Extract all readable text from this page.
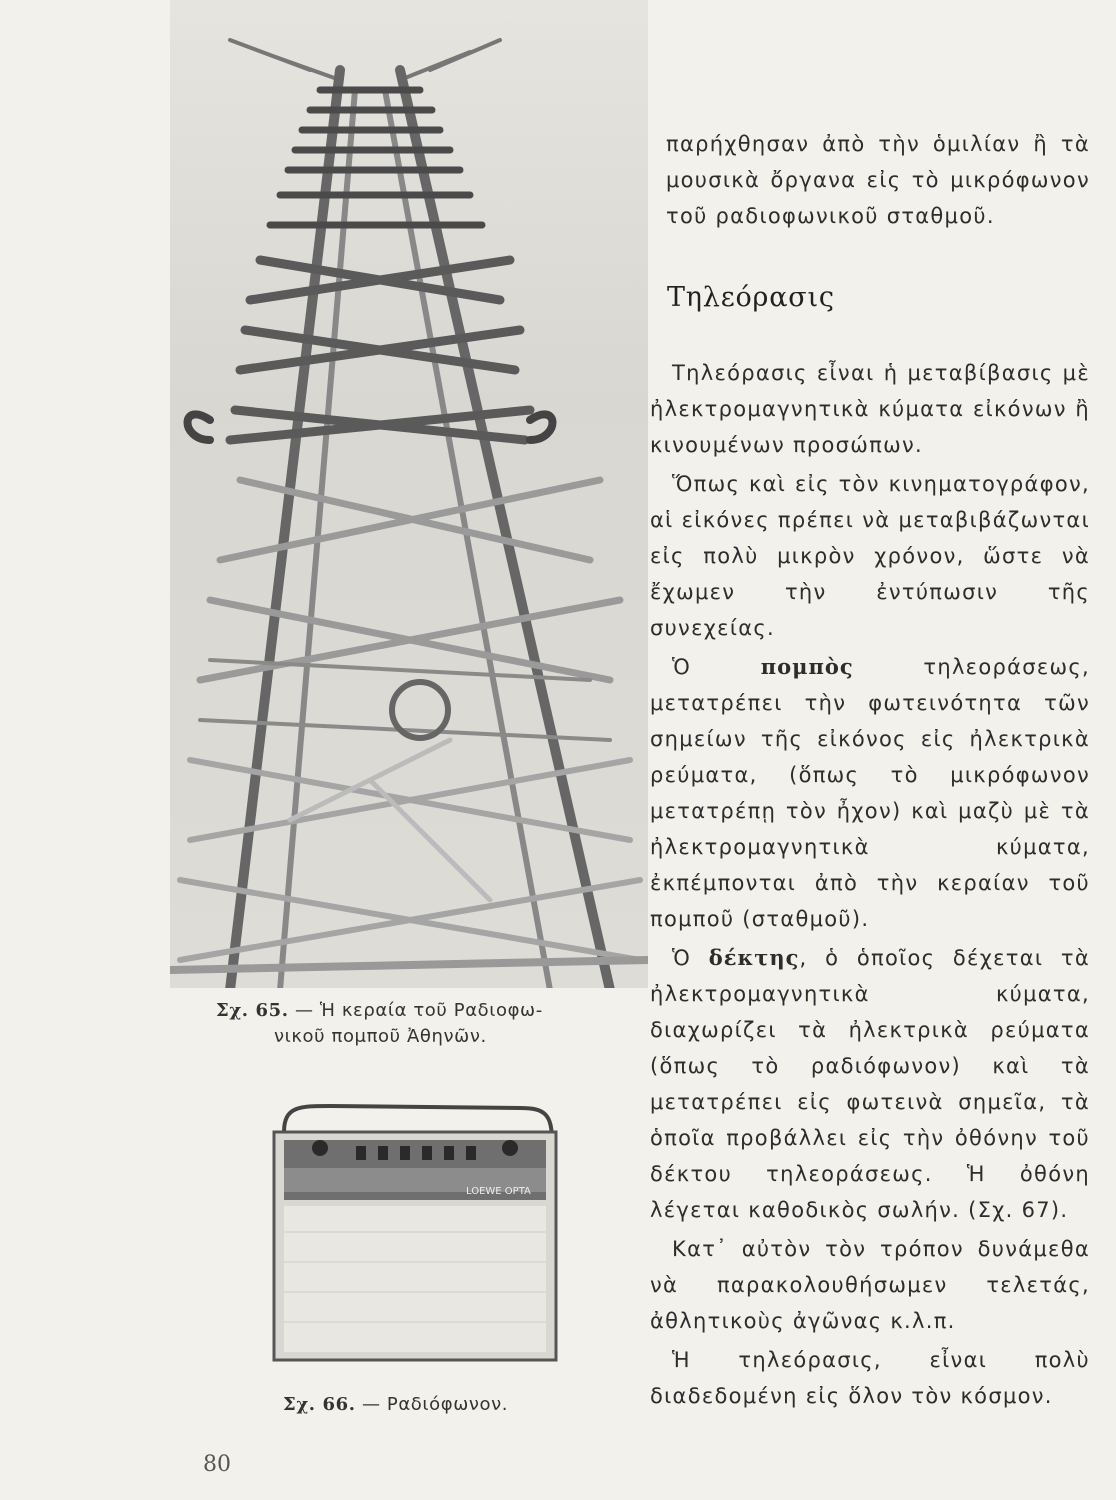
Σχ. 65. — Ἡ κεραία τοῦ Ραδιοφω-
νικοῦ πομποῦ Ἀθηνῶν.
LOEWE OPTA
Σχ. 66. — Ραδιόφωνον.

παρήχθησαν ἀπὸ τὴν ὁμιλίαν ἢ τὰ μουσικὰ ὄργανα εἰς τὸ μικρόφωνον τοῦ ραδιοφωνικοῦ σταθμοῦ.

Τηλεόρασις

Τηλεόρασις εἶναι ἡ μεταβίβασις μὲ ἠλεκτρομαγνητικὰ κύματα εἰκόνων ἢ κινουμένων προσώπων.

Ὅπως καὶ εἰς τὸν κινηματογράφον, αἱ εἰκόνες πρέπει νὰ μεταβιβάζωνται εἰς πολὺ μικρὸν χρόνον, ὥστε νὰ ἔχωμεν τὴν ἐντύπωσιν τῆς συνεχείας.

Ὁ	πομπὸς	τηλεοράσεως, μετατρέπει τὴν φωτεινότητα τῶν σημείων τῆς εἰκόνος εἰς ἠλεκτρικὰ ρεύματα, (ὅπως τὸ μικρόφωνον μετατρέπῃ τὸν ἦχον) καὶ μαζὺ μὲ τὰ ἠλεκτρομαγνητικὰ κύματα, ἐκπέμπονται ἀπὸ τὴν κεραίαν τοῦ πομποῦ (σταθμοῦ).

Ὁ δέκτης, ὁ ὁποῖος δέχεται τὰ ἠλεκτρομαγνητικὰ κύματα, διαχωρίζει τὰ ἠλεκτρικὰ ρεύματα (ὅπως τὸ ραδιόφωνον) καὶ τὰ μετατρέπει εἰς φωτεινὰ σημεῖα, τὰ ὁποῖα προβάλλει εἰς τὴν ὀθόνην τοῦ δέκτου τηλεοράσεως. Ἡ ὀθόνη λέγεται καθοδικὸς σωλήν. (Σχ. 67).

Κατ᾽ αὐτὸν τὸν τρόπον δυνάμεθα νὰ παρακολουθήσωμεν τελετάς, ἀθλητικοὺς ἀγῶνας κ.λ.π.

Ἡ τηλεόρασις, εἶναι πολὺ διαδεδομένη εἰς ὅλον τὸν κόσμον.

80
